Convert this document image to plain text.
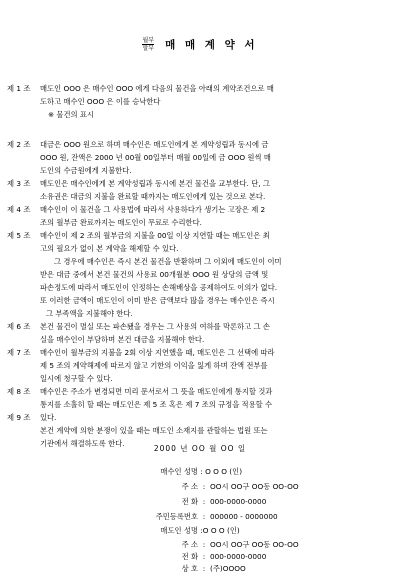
월부
할부 매 매 계 약 서
제 1 조 매도인 OOO 은 매수인 OOO 에게 다음의 물건을 아래의 계약조건으로 매
도하고 매수인 OOO 은 이를 승낙한다
※ 물건의 표시
제 2 조 대금은 OOO 원으로 하며 매수인은 매도인에게 본 계약성립과 동시에 금
OOO 원, 잔액은 2000 년 00월 00일부터 매월 00일에 금 OOO 원씩 매
도인의 수금원에게 지불한다.
제 3 조 매도인은 매수인에게 본 계약성립과 동시에 본건 물건을 교부한다. 단, 그
소유권은 대금의 지불을 완료할 때까지는 매도인에게 있는 것으로 본다.
제 4 조 매수인이 이 물건을 그 사용법에 따라서 사용하다가 생기는 고장은 제 2
조의 월부금 완료까지는 매도인이 무료로 수리한다.
제 5 조 매수인이 제 2 조의 월부금의 지불을 00일 이상 지연할 때는 매도인은 최
고의 필요가 없이 본 계약을 해제할 수 있다.
그 경우에 매수인은 즉시 본건 물건을 반환하며 그 이외에 매도인이 이미
받은 대금 중에서 본건 물건의 사용료 00개월분 OOO 원 상당의 금액 및
파손정도에 따라서 매도인이 인정하는 손해배상을 공제하여도 이의가 없다.
또 이러한 금액이 매도인이 이미 받은 금액보다 많을 경우는 매수인은 즉시
그 부족액을 지불해야 한다.
제 6 조 본건 물건이 멸실 또는 파손됐을 경우는 그 사용의 여하를 막론하고 그 손
실을 매수인이 부담하며 본건 대금을 지불해야 한다.
제 7 조 매수인이 월부금의 지불을 2회 이상 지연했을 때, 매도인은 그 선택에 따라
제 5 조의 계약해제에 따르지 않고 기한의 이익을 잃게 하며 잔액 전부를
일시에 청구할 수 있다.
제 8 조 매수인은 주소가 변경되면 미리 문서로서 그 뜻을 매도인에게 통지할 것과
통지를 소홀히 할 때는 매도인은 제 5 조 혹은 제 7 조의 규정을 적용할 수
제 9 조 있다.
본건 계약에 의한 분쟁이 있을 때는 매도인 소재지를 관할하는 법원 또는
기관에서 해결하도록 한다.
2000 년 OO 월 OO 일
매수인 성명 : O O O (인)
주 소 : OO시 OO구 OO동 OO-OO
전 화 : 000-0000-0000
주민등록번호 : 000000 - 0000000
매도인 성명 :O O O (인)
주 소 : OO시 OO구 OO동 OO-OO
전 화 : 000-0000-0000
상 호 : (주)OOOO
